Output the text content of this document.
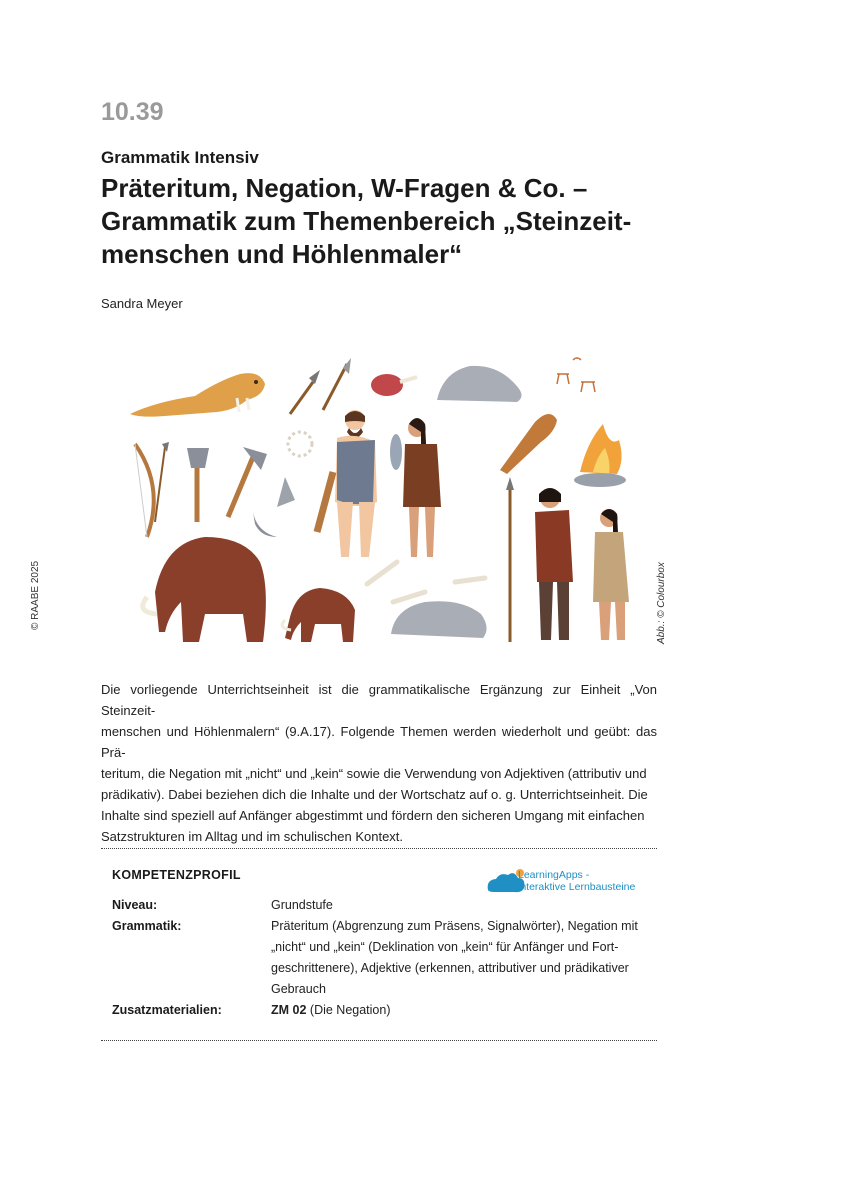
10.39
Grammatik Intensiv
Präteritum, Negation, W-Fragen & Co. –
Grammatik zum Themenbereich „Steinzeit-
menschen und Höhlenmaler“
Sandra Meyer
© RAABE 2025	Abb.: © Colourbox
Die vorliegende Unterrichtseinheit ist die grammatikalische Ergänzung zur Einheit „Von Steinzeit-
menschen und Höhlenmalern“ (9.A.17). Folgende Themen werden wiederholt und geübt: das Prä-
teritum, die Negation mit „nicht“ und „kein“ sowie die Verwendung von Adjektiven (attributiv und
prädikativ). Dabei beziehen dich die Inhalte und der Wortschatz auf o. g. Unterrichtseinheit. Die
Inhalte sind speziell auf Anfänger abgestimmt und fördern den sicheren Umgang mit einfachen
Satzstrukturen im Alltag und im schulischen Kontext.
KOMPETENZPROFIL	LearningApps -
interaktive Lernbausteine
Niveau:	Grundstufe
Grammatik:	Präteritum (Abgrenzung zum Präsens, Signalwörter), Negation mit
„nicht“ und „kein“ (Deklination von „kein“ für Anfänger und Fort-
geschrittenere), Adjektive (erkennen, attributiver und prädikativer
Gebrauch
Zusatzmaterialien:	ZM 02 (Die Negation)
